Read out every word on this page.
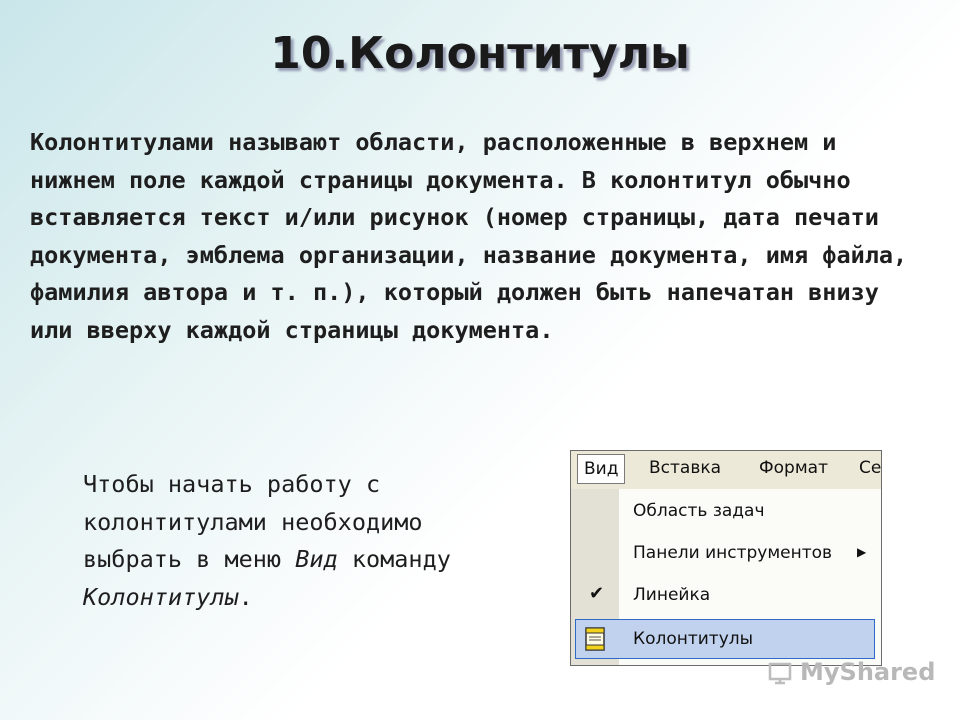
10.Колонтитулы

Колонтитулами называют области, расположенные в верхнем и нижнем поле каждой страницы документа. В колонтитул обычно вставляется текст и/или рисунок (номер страницы, дата печати документа, эмблема организации, название документа, имя файла, фамилия автора и т. п.), который должен быть напечатан внизу или вверху каждой страницы документа.

Чтобы начать работу с колонтитулами необходимо выбрать в меню Вид команду Колонтитулы.

Вид	Вставка Формат Се
Область задач
Панели инструментов ▶
✔ Линейка
Колонтитулы
MyShared
